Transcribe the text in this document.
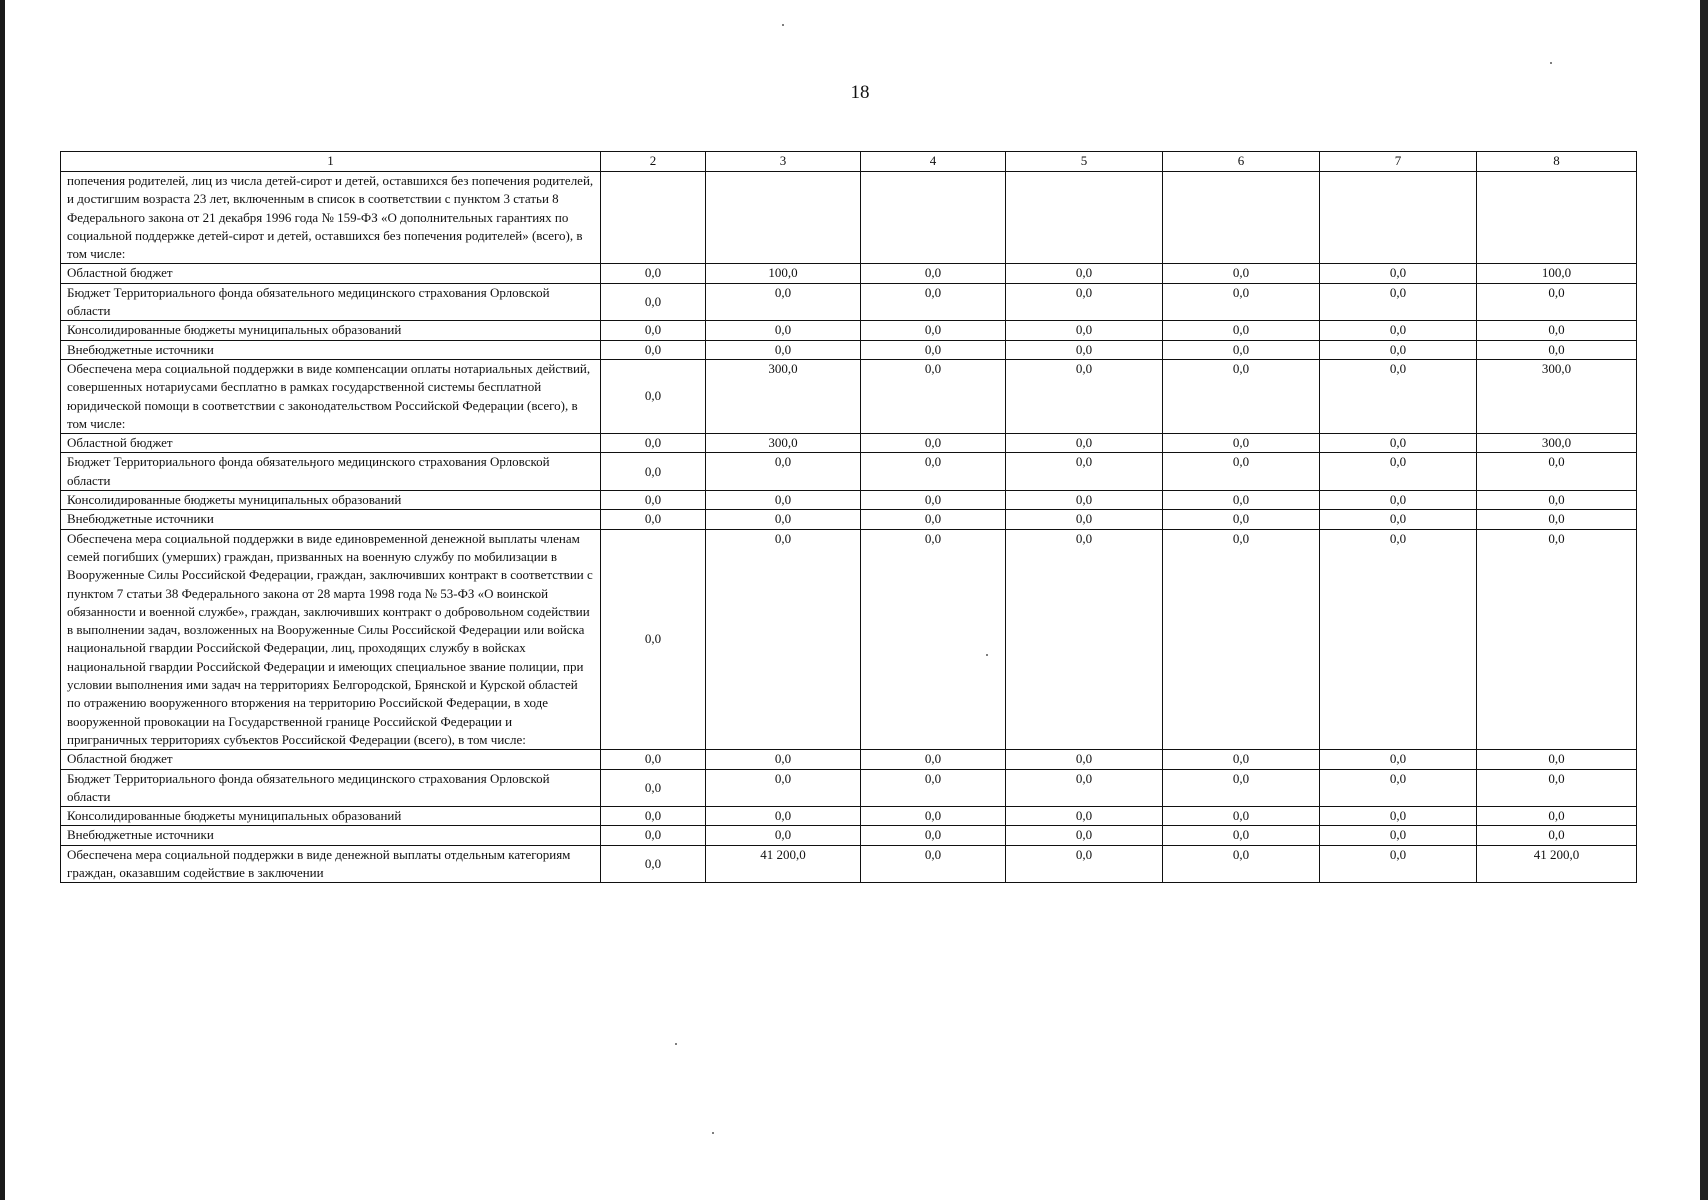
18
1	2	3	4	5	6	7	8
попечения родителей, лиц из числа детей-сирот и детей, оставшихся без попечения родителей, и достигшим возраста 23 лет, включенным в список в соответствии с пунктом 3 статьи 8 Федерального закона от 21 декабря 1996 года № 159-ФЗ «О дополнительных гарантиях по социальной поддержке детей-сирот и детей, оставшихся без попечения родителей» (всего), в том числе:							
Областной бюджет	0,0	100,0	0,0	0,0	0,0	0,0	100,0
Бюджет Территориального фонда обязательного медицинского страхования Орловской области	0,0	0,0	0,0	0,0	0,0	0,0	0,0
Консолидированные бюджеты муниципальных образований	0,0	0,0	0,0	0,0	0,0	0,0	0,0
Внебюджетные источники	0,0	0,0	0,0	0,0	0,0	0,0	0,0
Обеспечена мера социальной поддержки в виде компенсации оплаты нотариальных действий, совершенных нотариусами бесплатно в рамках государственной системы бесплатной юридической помощи в соответствии с законодательством Российской Федерации (всего), в том числе:	0,0	300,0	0,0	0,0	0,0	0,0	300,0
Областной бюджет	0,0	300,0	0,0	0,0	0,0	0,0	300,0
Бюджет Территориального фонда обязательного медицинского страхования Орловской области	0,0	0,0	0,0	0,0	0,0	0,0	0,0
Консолидированные бюджеты муниципальных образований	0,0	0,0	0,0	0,0	0,0	0,0	0,0
Внебюджетные источники	0,0	0,0	0,0	0,0	0,0	0,0	0,0
Обеспечена мера социальной поддержки в виде единовременной денежной выплаты членам семей погибших (умерших) граждан, призванных на военную службу по мобилизации в Вооруженные Силы Российской Федерации, граждан, заключивших контракт в соответствии с пунктом 7 статьи 38 Федерального закона от 28 марта 1998 года № 53-ФЗ «О воинской обязанности и военной службе», граждан, заключивших контракт о добровольном содействии в выполнении задач, возложенных на Вооруженные Силы Российской Федерации или войска национальной гвардии Российской Федерации, лиц, проходящих службу в войсках национальной гвардии Российской Федерации и имеющих специальное звание полиции, при условии выполнения ими задач на территориях Белгородской, Брянской и Курской областей по отражению вооруженного вторжения на территорию Российской Федерации, в ходе вооруженной провокации на Государственной границе Российской Федерации и приграничных территориях субъектов Российской Федерации (всего), в том числе:	0,0	0,0	0,0	0,0	0,0	0,0	0,0
Областной бюджет	0,0	0,0	0,0	0,0	0,0	0,0	0,0
Бюджет Территориального фонда обязательного медицинского страхования Орловской области	0,0	0,0	0,0	0,0	0,0	0,0	0,0
Консолидированные бюджеты муниципальных образований	0,0	0,0	0,0	0,0	0,0	0,0	0,0
Внебюджетные источники	0,0	0,0	0,0	0,0	0,0	0,0	0,0
Обеспечена мера социальной поддержки в виде денежной выплаты отдельным категориям граждан, оказавшим содействие в заключении	0,0	41 200,0	0,0	0,0	0,0	0,0	41 200,0
